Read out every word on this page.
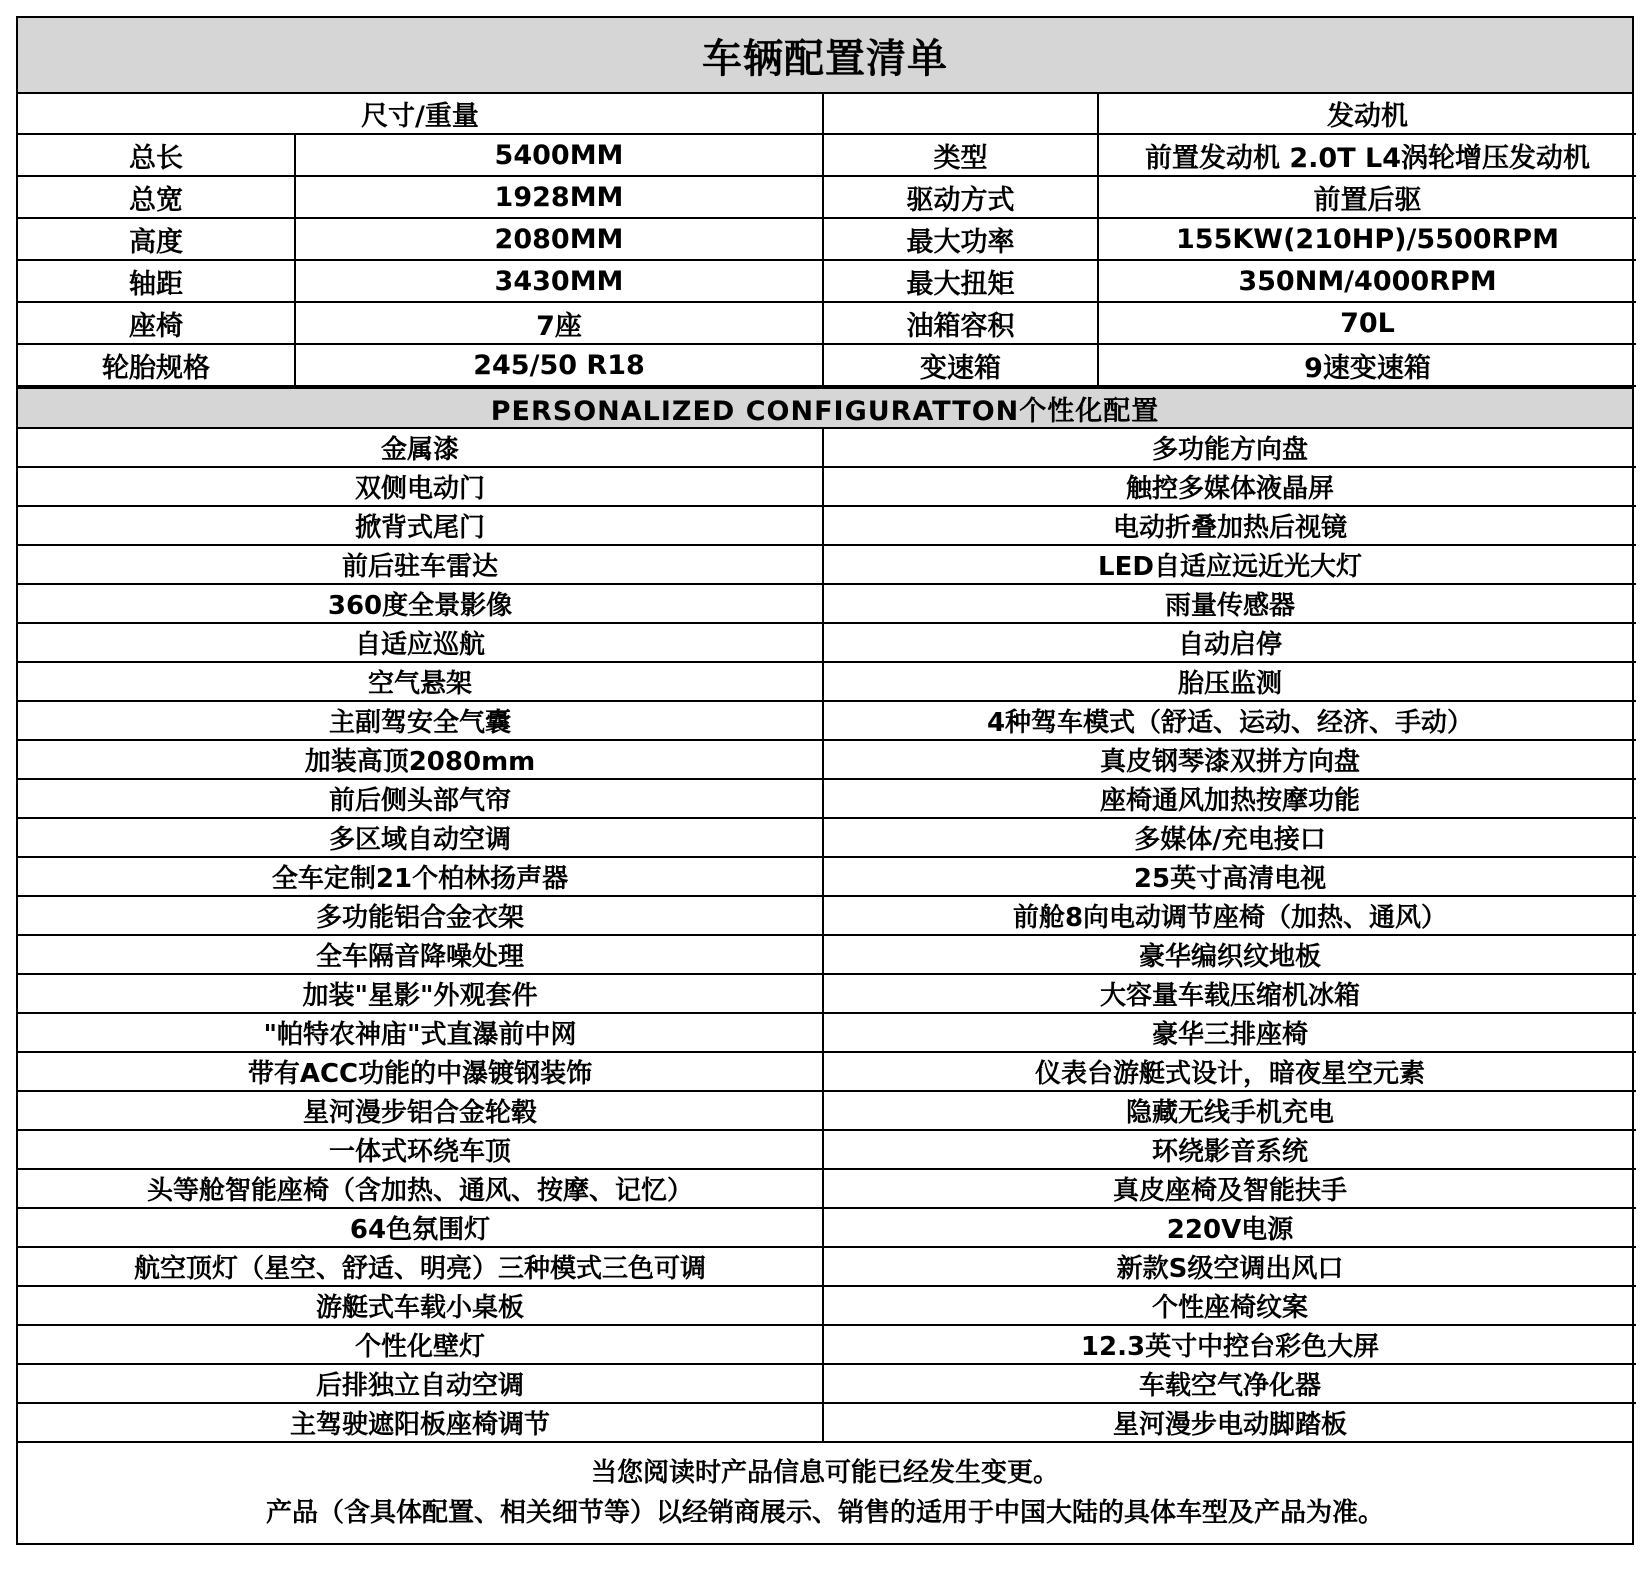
车辆配置清单
尺寸/重量			发动机
总长	5400MM	类型	前置发动机 2.0T L4涡轮增压发动机
总宽	1928MM	驱动方式	前置后驱
高度	2080MM	最大功率	155KW(210HP)/5500RPM
轴距	3430MM	最大扭矩	350NM/4000RPM
座椅	7座	油箱容积	70L
轮胎规格	245/50 R18	变速箱	9速变速箱
PERSONALIZED CONFIGURATTON个性化配置
金属漆	多功能方向盘
双侧电动门	触控多媒体液晶屏
掀背式尾门	电动折叠加热后视镜
前后驻车雷达	LED自适应远近光大灯
360度全景影像	雨量传感器
自适应巡航	自动启停
空气悬架	胎压监测
主副驾安全气囊	4种驾车模式（舒适、运动、经济、手动）
加装高顶2080mm	真皮钢琴漆双拼方向盘
前后侧头部气帘	座椅通风加热按摩功能
多区域自动空调	多媒体/充电接口
全车定制21个柏林扬声器	25英寸高清电视
多功能铝合金衣架	前舱8向电动调节座椅（加热、通风）
全车隔音降噪处理	豪华编织纹地板
加装"星影"外观套件	大容量车载压缩机冰箱
"帕特农神庙"式直瀑前中网	豪华三排座椅
带有ACC功能的中瀑镀钢装饰	仪表台游艇式设计，暗夜星空元素
星河漫步铝合金轮毂	隐藏无线手机充电
一体式环绕车顶	环绕影音系统
头等舱智能座椅（含加热、通风、按摩、记忆）	真皮座椅及智能扶手
64色氛围灯	220V电源
航空顶灯（星空、舒适、明亮）三种模式三色可调	新款S级空调出风口
游艇式车载小桌板	个性座椅纹案
个性化壁灯	12.3英寸中控台彩色大屏
后排独立自动空调	车载空气净化器
主驾驶遮阳板座椅调节	星河漫步电动脚踏板
当您阅读时产品信息可能已经发生变更。
产品（含具体配置、相关细节等）以经销商展示、销售的适用于中国大陆的具体车型及产品为准。
